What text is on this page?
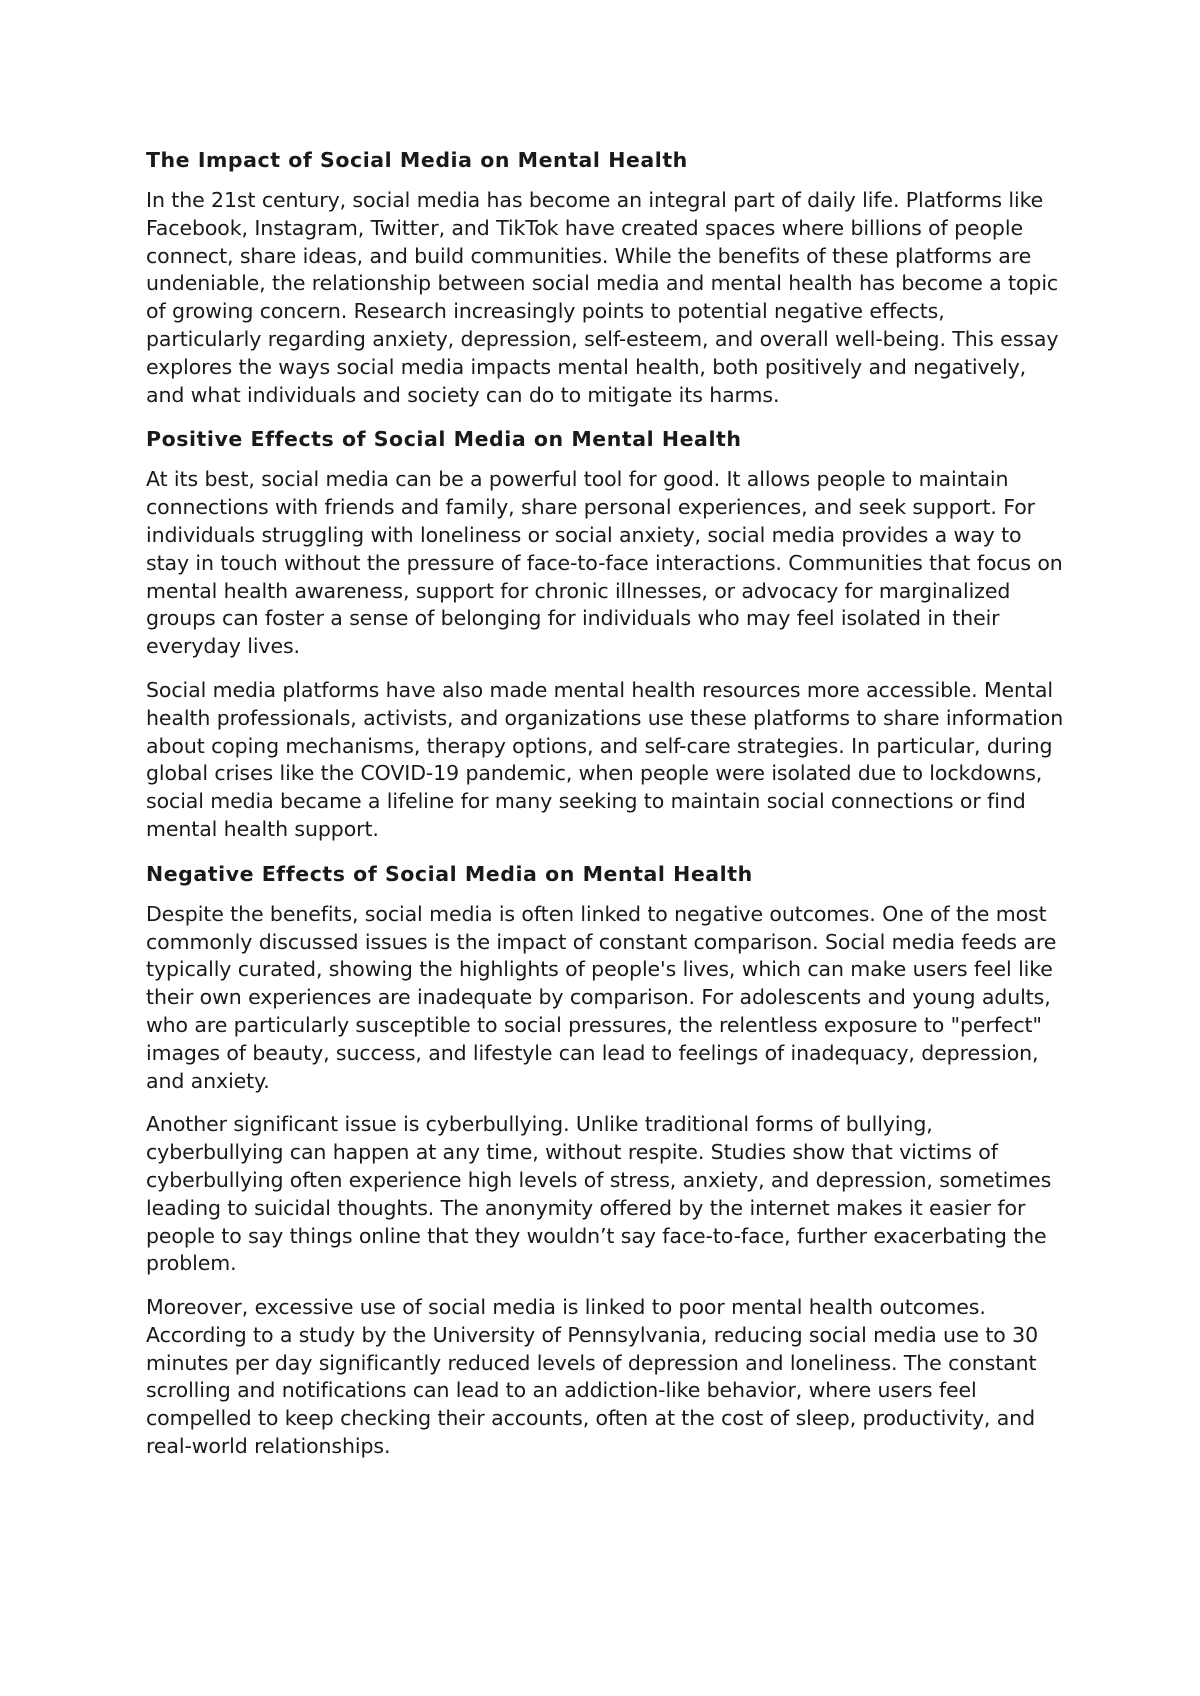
The Impact of Social Media on Mental Health

In the 21st century, social media has become an integral part of daily life. Platforms like Facebook, Instagram, Twitter, and TikTok have created spaces where billions of people connect, share ideas, and build communities. While the benefits of these platforms are undeniable, the relationship between social media and mental health has become a topic of growing concern. Research increasingly points to potential negative effects, particularly regarding anxiety, depression, self-esteem, and overall well-being. This essay explores the ways social media impacts mental health, both positively and negatively, and what individuals and society can do to mitigate its harms.

Positive Effects of Social Media on Mental Health

At its best, social media can be a powerful tool for good. It allows people to maintain connections with friends and family, share personal experiences, and seek support. For individuals struggling with loneliness or social anxiety, social media provides a way to stay in touch without the pressure of face-to-face interactions. Communities that focus on mental health awareness, support for chronic illnesses, or advocacy for marginalized groups can foster a sense of belonging for individuals who may feel isolated in their everyday lives.

Social media platforms have also made mental health resources more accessible. Mental health professionals, activists, and organizations use these platforms to share information about coping mechanisms, therapy options, and self-care strategies. In particular, during global crises like the COVID-19 pandemic, when people were isolated due to lockdowns, social media became a lifeline for many seeking to maintain social connections or find mental health support.

Negative Effects of Social Media on Mental Health

Despite the benefits, social media is often linked to negative outcomes. One of the most commonly discussed issues is the impact of constant comparison. Social media feeds are typically curated, showing the highlights of people's lives, which can make users feel like their own experiences are inadequate by comparison. For adolescents and young adults, who are particularly susceptible to social pressures, the relentless exposure to "perfect" images of beauty, success, and lifestyle can lead to feelings of inadequacy, depression, and anxiety.

Another significant issue is cyberbullying. Unlike traditional forms of bullying, cyberbullying can happen at any time, without respite. Studies show that victims of cyberbullying often experience high levels of stress, anxiety, and depression, sometimes leading to suicidal thoughts. The anonymity offered by the internet makes it easier for people to say things online that they wouldn’t say face-to-face, further exacerbating the problem.

Moreover, excessive use of social media is linked to poor mental health outcomes. According to a study by the University of Pennsylvania, reducing social media use to 30 minutes per day significantly reduced levels of depression and loneliness. The constant scrolling and notifications can lead to an addiction-like behavior, where users feel compelled to keep checking their accounts, often at the cost of sleep, productivity, and real-world relationships.
